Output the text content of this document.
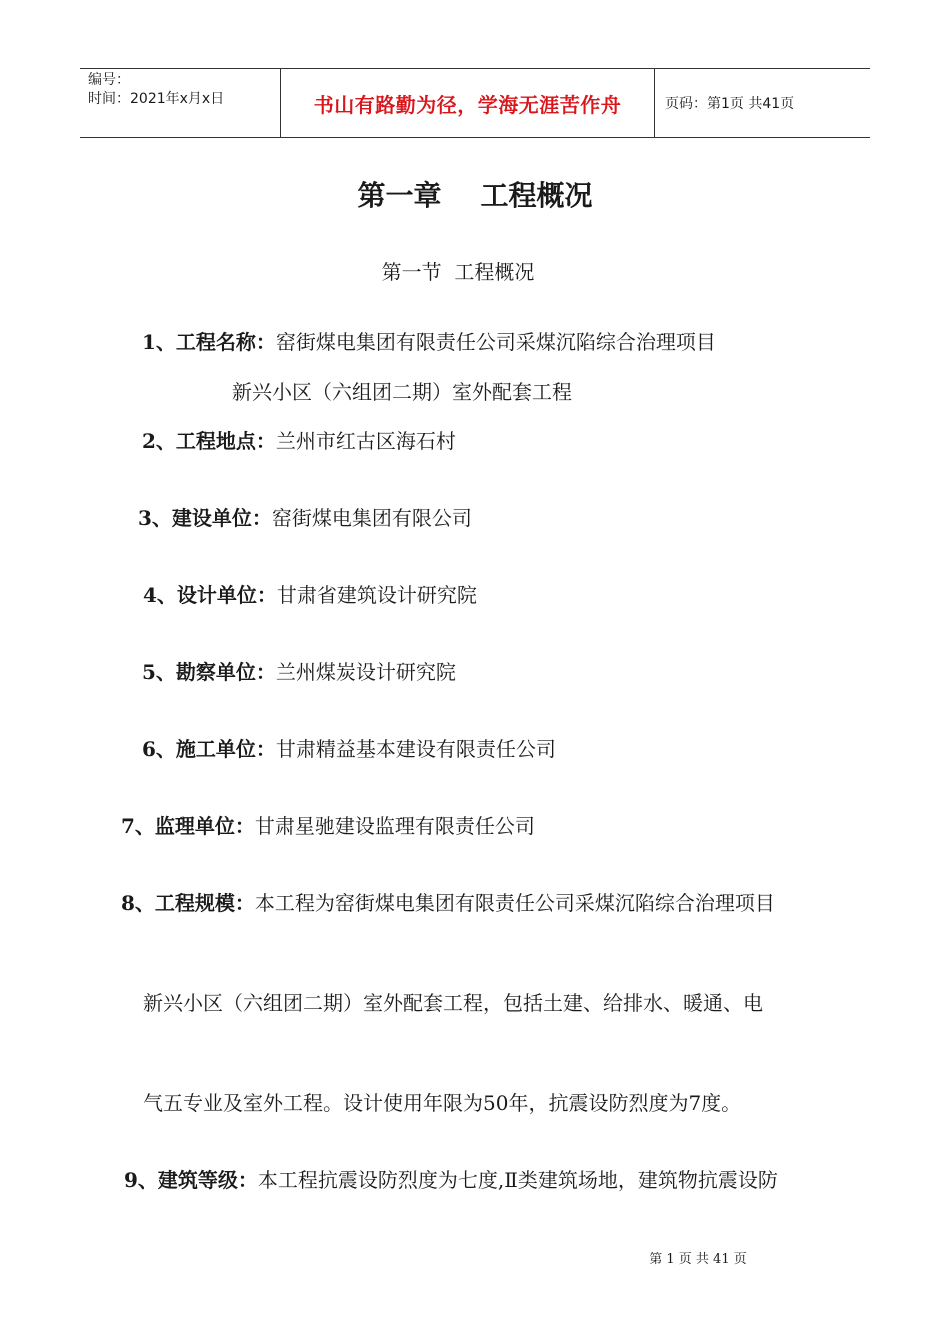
编号：
时间：2021年x月x日	书山有路勤为径，学海无涯苦作舟	页码：第1页 共41页
第一章    工程概况
第一节  工程概况
1、工程名称：窑街煤电集团有限责任公司采煤沉陷综合治理项目
新兴小区（六组团二期）室外配套工程
2、工程地点：兰州市红古区海石村
3、建设单位：窑街煤电集团有限公司
4、设计单位：甘肃省建筑设计研究院
5、勘察单位：兰州煤炭设计研究院
6、施工单位：甘肃精益基本建设有限责任公司
7、监理单位：甘肃星驰建设监理有限责任公司
8、工程规模：本工程为窑街煤电集团有限责任公司采煤沉陷综合治理项目
新兴小区（六组团二期）室外配套工程，包括土建、给排水、暖通、电
气五专业及室外工程。设计使用年限为50年，抗震设防烈度为7度。
9、建筑等级：本工程抗震设防烈度为七度,Ⅱ类建筑场地，建筑物抗震设防
第 1 页 共 41 页
